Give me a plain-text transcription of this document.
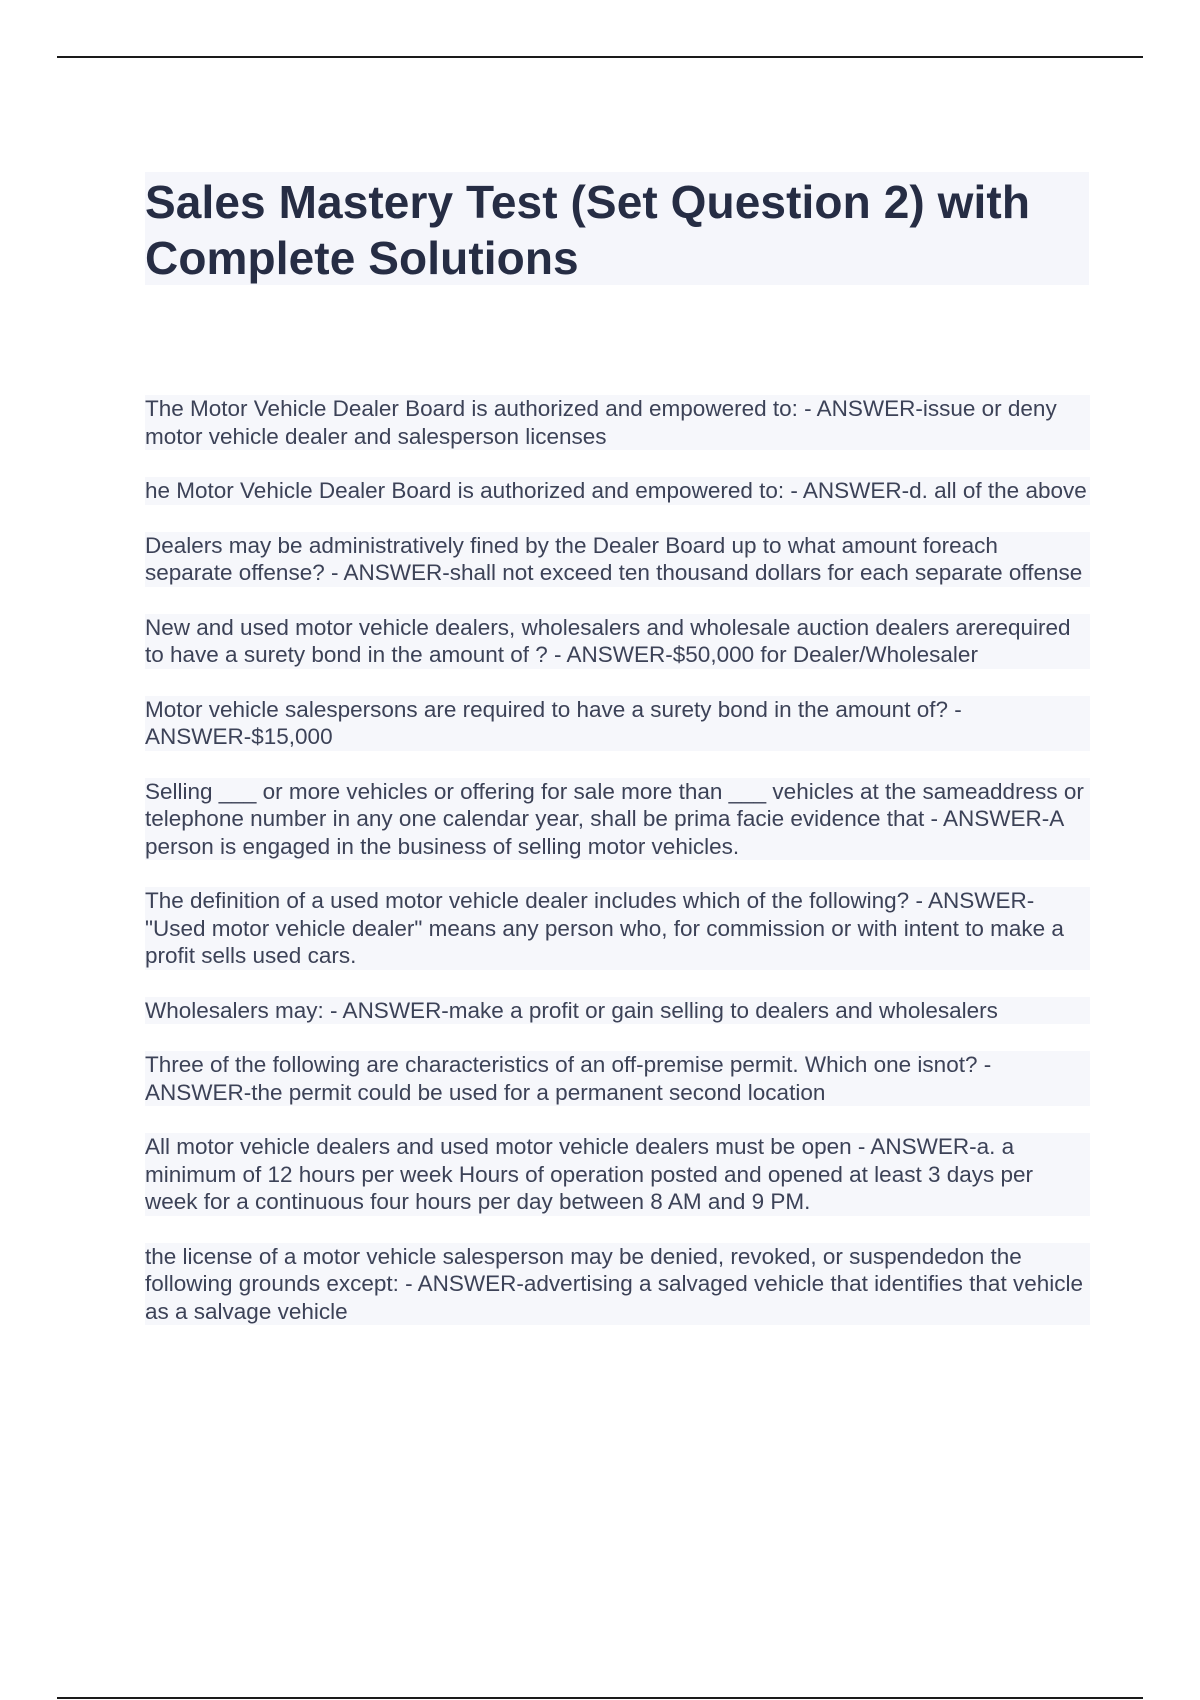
Sales Mastery Test (Set Question 2) with Complete Solutions

The Motor Vehicle Dealer Board is authorized and empowered to: - ANSWER-issue or deny motor vehicle dealer and salesperson licenses

he Motor Vehicle Dealer Board is authorized and empowered to: - ANSWER-d. all of the above

Dealers may be administratively fined by the Dealer Board up to what amount foreach separate offense? - ANSWER-shall not exceed ten thousand dollars for each separate offense

New and used motor vehicle dealers, wholesalers and wholesale auction dealers arerequired to have a surety bond in the amount of ? - ANSWER-$50,000 for Dealer/Wholesaler

Motor vehicle salespersons are required to have a surety bond in the amount of? - ANSWER-$15,000

Selling ___ or more vehicles or offering for sale more than ___ vehicles at the sameaddress or telephone number in any one calendar year, shall be prima facie evidence that - ANSWER-A person is engaged in the business of selling motor vehicles.

The definition of a used motor vehicle dealer includes which of the following? - ANSWER-"Used motor vehicle dealer" means any person who, for commission or with intent to make a profit sells used cars.

Wholesalers may: - ANSWER-make a profit or gain selling to dealers and wholesalers

Three of the following are characteristics of an off-premise permit. Which one isnot? - ANSWER-the permit could be used for a permanent second location

All motor vehicle dealers and used motor vehicle dealers must be open - ANSWER-a. a minimum of 12 hours per week Hours of operation posted and opened at least 3 days per week for a continuous four hours per day between 8 AM and 9 PM.

the license of a motor vehicle salesperson may be denied, revoked, or suspendedon the following grounds except: - ANSWER-advertising a salvaged vehicle that identifies that vehicle as a salvage vehicle
